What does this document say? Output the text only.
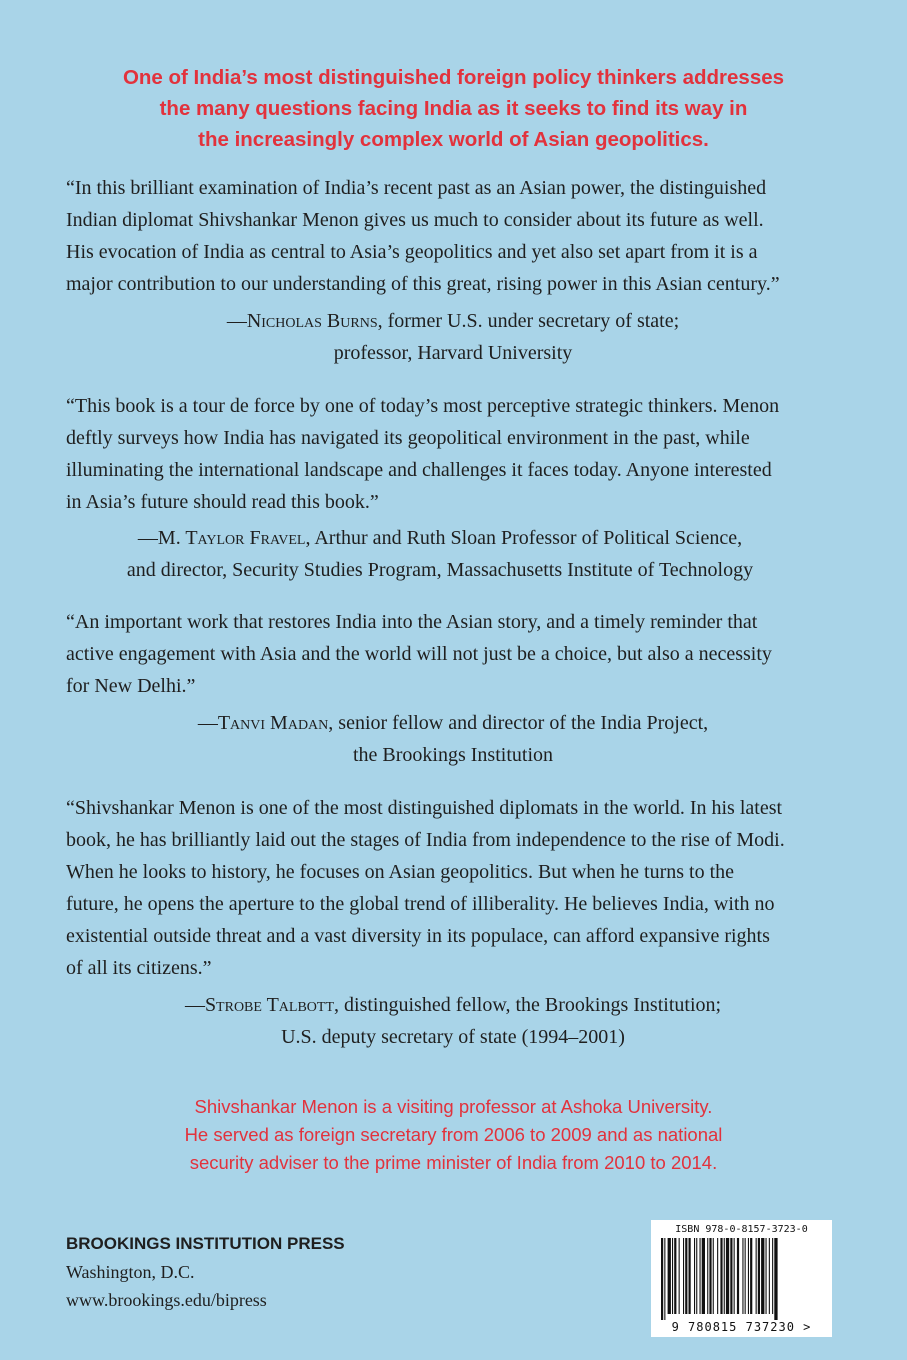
One of India’s most distinguished foreign policy thinkers addresses
the many questions facing India as it seeks to find its way in
the increasingly complex world of Asian geopolitics.
“In this brilliant examination of India’s recent past as an Asian power, the distinguished
Indian diplomat Shivshankar Menon gives us much to consider about its future as well.
His evocation of India as central to Asia’s geopolitics and yet also set apart from it is a
major contribution to our understanding of this great, rising power in this Asian century.”
—Nicholas Burns, former U.S. under secretary of state;
professor, Harvard University
“This book is a tour de force by one of today’s most perceptive strategic thinkers. Menon
deftly surveys how India has navigated its geopolitical environment in the past, while
illuminating the international landscape and challenges it faces today. Anyone interested
in Asia’s future should read this book.”
—M. Taylor Fravel, Arthur and Ruth Sloan Professor of Political Science,
and director, Security Studies Program, Massachusetts Institute of Technology
“An important work that restores India into the Asian story, and a timely reminder that
active engagement with Asia and the world will not just be a choice, but also a necessity
for New Delhi.”
—Tanvi Madan, senior fellow and director of the India Project,
the Brookings Institution
“Shivshankar Menon is one of the most distinguished diplomats in the world. In his latest
book, he has brilliantly laid out the stages of India from independence to the rise of Modi.
When he looks to history, he focuses on Asian geopolitics. But when he turns to the
future, he opens the aperture to the global trend of illiberality. He believes India, with no
existential outside threat and a vast diversity in its populace, can afford expansive rights
of all its citizens.”
—Strobe Talbott, distinguished fellow, the Brookings Institution;
U.S. deputy secretary of state (1994–2001)
Shivshankar Menon is a visiting professor at Ashoka University.
He served as foreign secretary from 2006 to 2009 and as national
security adviser to the prime minister of India from 2010 to 2014.
BROOKINGS INSTITUTION PRESS
Washington, D.C.
www.brookings.edu/bipress
ISBN 978-0-8157-3723-0
9 780815 737230 >
